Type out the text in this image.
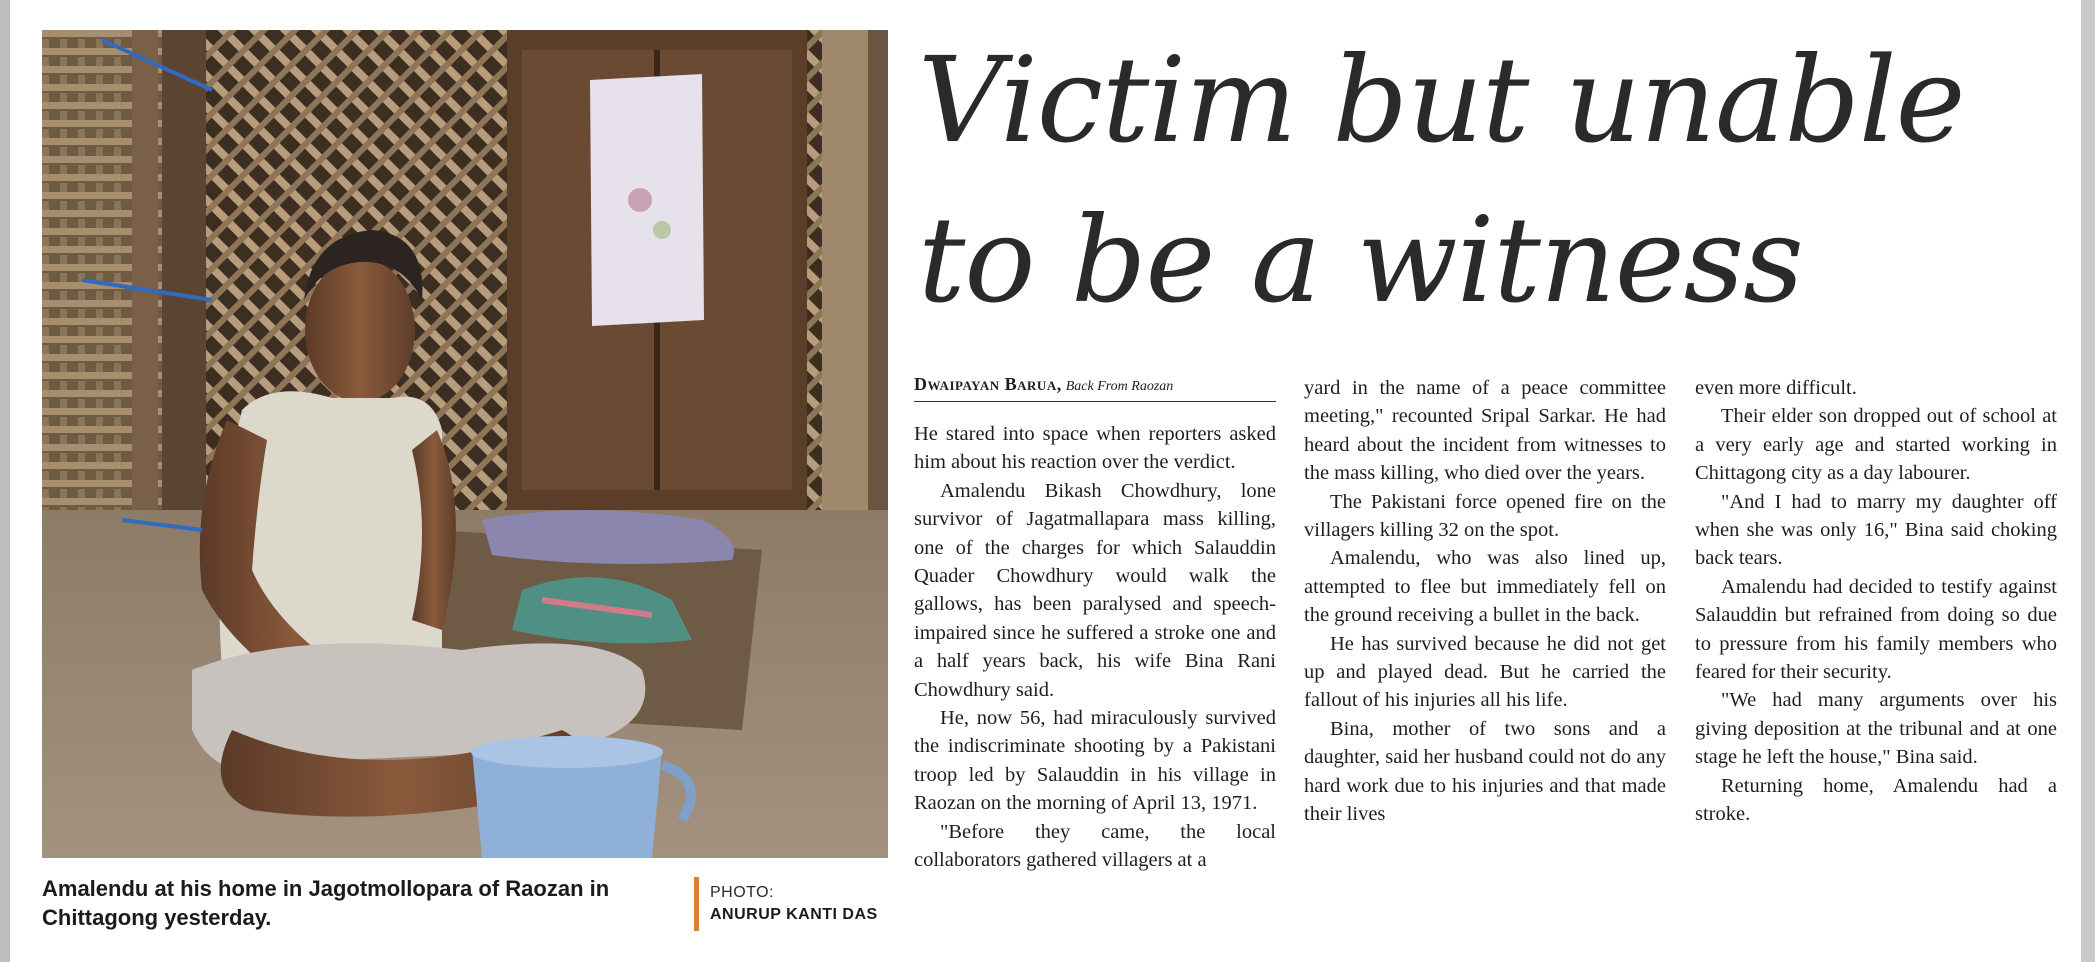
Amalendu at his home in Jagotmollopara of Raozan in
Chittagong yesterday.
PHOTO:
ANURUP KANTI DAS
Victim but unable
to be a witness
Dwaipayan Barua, Back From Raozan

He stared into space when reporters asked him about his reaction over the verdict.

Amalendu Bikash Chowdhury, lone survivor of Jagatmallapara mass killing, one of the charges for which Salauddin Quader Chowdhury would walk the gallows, has been paralysed and speech-impaired since he suffered a stroke one and a half years back, his wife Bina Rani Chowdhury said.

He, now 56, had miraculously survived the indiscriminate shooting by a Pakistani troop led by Salauddin in his village in Raozan on the morning of April 13, 1971.

"Before they came, the local collaborators gathered villagers at a

yard in the name of a peace committee meeting," recounted Sripal Sarkar. He had heard about the incident from witnesses to the mass killing, who died over the years.

The Pakistani force opened fire on the villagers killing 32 on the spot.

Amalendu, who was also lined up, attempted to flee but immediately fell on the ground receiving a bullet in the back.

He has survived because he did not get up and played dead. But he carried the fallout of his injuries all his life.

Bina, mother of two sons and a daughter, said her husband could not do any hard work due to his injuries and that made their lives

even more difficult.

Their elder son dropped out of school at a very early age and started working in Chittagong city as a day labourer.

"And I had to marry my daughter off when she was only 16," Bina said choking back tears.

Amalendu had decided to testify against Salauddin but refrained from doing so due to pressure from his family members who feared for their security.

"We had many arguments over his giving deposition at the tribunal and at one stage he left the house," Bina said.

Returning home, Amalendu had a stroke.
